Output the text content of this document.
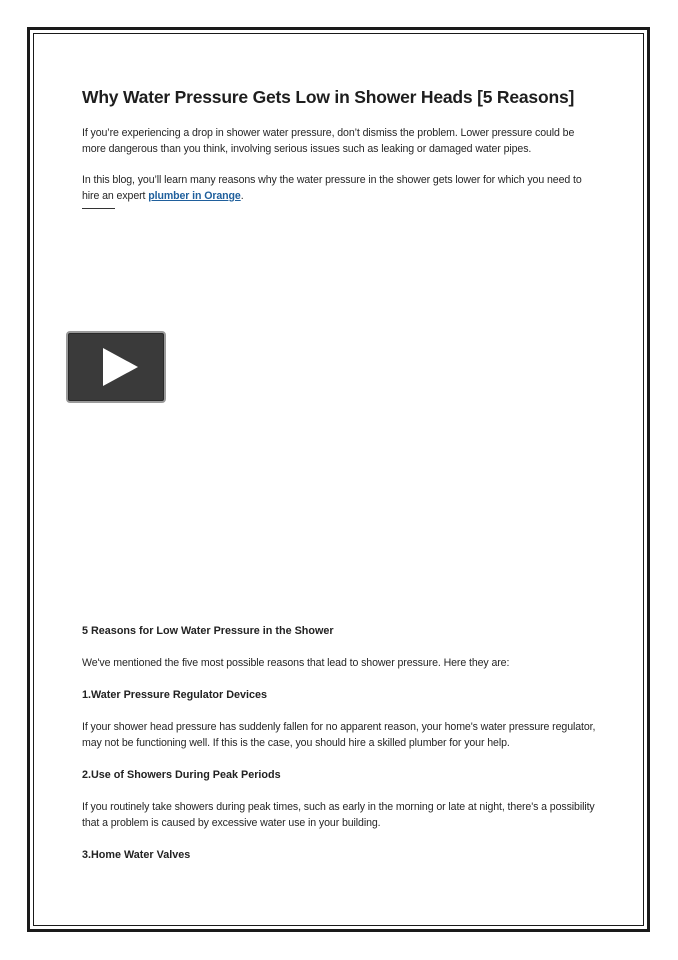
Why Water Pressure Gets Low in Shower Heads [5 Reasons]

If you’re experiencing a drop in shower water pressure, don’t dismiss the problem. Lower pressure could be more dangerous than you think, involving serious issues such as leaking or damaged water pipes.

In this blog, you’ll learn many reasons why the water pressure in the shower gets lower for which you need to hire an expert plumber in Orange.

5 Reasons for Low Water Pressure in the Shower

We've mentioned the five most possible reasons that lead to shower pressure. Here they are:

1.Water Pressure Regulator Devices

If your shower head pressure has suddenly fallen for no apparent reason, your home's water pressure regulator, may not be functioning well. If this is the case, you should hire a skilled plumber for your help.

2.Use of Showers During Peak Periods

If you routinely take showers during peak times, such as early in the morning or late at night, there's a possibility that a problem is caused by excessive water use in your building.

3.Home Water Valves
